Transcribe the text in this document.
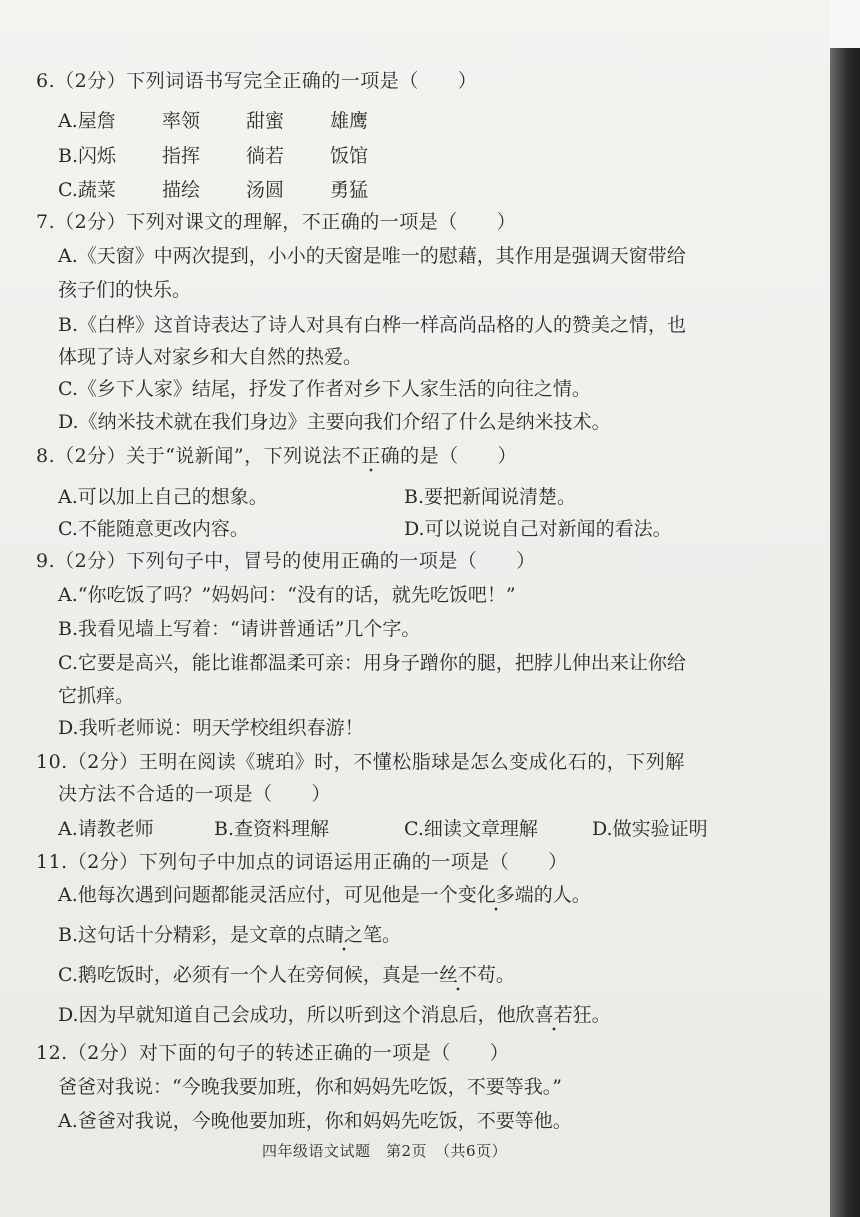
6.（2分）下列词语书写完全正确的一项是（　　）
A.屋詹 率领 甜蜜 雄鹰
B.闪烁 指挥 徜若 饭馆
C.蔬菜 描绘 汤圆 勇猛
7.（2分）下列对课文的理解，不正确的一项是（　　）
A.《天窗》中两次提到，小小的天窗是唯一的慰藉，其作用是强调天窗带给
孩子们的快乐。
B.《白桦》这首诗表达了诗人对具有白桦一样高尚品格的人的赞美之情，也
体现了诗人对家乡和大自然的热爱。
C.《乡下人家》结尾，抒发了作者对乡下人家生活的向往之情。
D.《纳米技术就在我们身边》主要向我们介绍了什么是纳米技术。
8.（2分）关于“说新闻”，下列说法不正确的是（　　）
A.可以加上自己的想象。	B.要把新闻说清楚。
C.不能随意更改内容。	D.可以说说自己对新闻的看法。
9.（2分）下列句子中，冒号的使用正确的一项是（　　）
A.“你吃饭了吗？”妈妈问：“没有的话，就先吃饭吧！”
B.我看见墙上写着：“请讲普通话”几个字。
C.它要是高兴，能比谁都温柔可亲：用身子蹭你的腿，把脖儿伸出来让你给
它抓痒。
D.我听老师说：明天学校组织春游！
10.（2分）王明在阅读《琥珀》时，不懂松脂球是怎么变成化石的，下列解
决方法不合适的一项是（　　）
A.请教老师	B.查资料理解	C.细读文章理解	D.做实验证明
11.（2分）下列句子中加点的词语运用正确的一项是（　　）
A.他每次遇到问题都能灵活应付，可见他是一个变化多端的人。
B.这句话十分精彩，是文章的点睛之笔。
C.鹅吃饭时，必须有一个人在旁伺候，真是一丝不苟。
D.因为早就知道自己会成功，所以听到这个消息后，他欣喜若狂。
12.（2分）对下面的句子的转述正确的一项是（　　）
爸爸对我说：“今晚我要加班，你和妈妈先吃饭，不要等我。”
A.爸爸对我说，今晚他要加班，你和妈妈先吃饭，不要等他。
四年级语文试题　第2页　（共6页）
